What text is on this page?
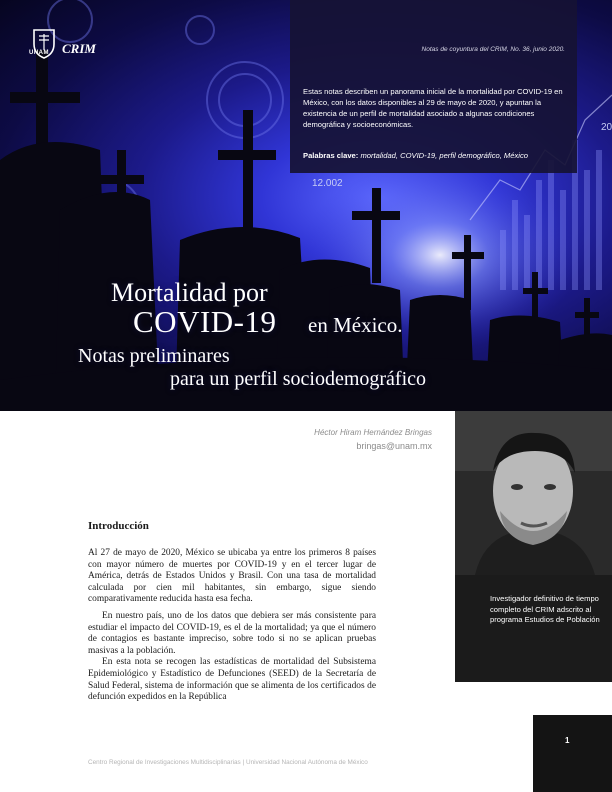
UNAM CRIM	Notas de coyuntura del CRIM, No. 36, junio 2020.
Estas notas describen un panorama inicial de la mortalidad por COVID-19 en México, con los datos disponibles al 29 de mayo de 2020, y apuntan la existencia de un perfil de mortalidad asociado a algunas condiciones demográfica y socioeconómicas.
Palabras clave: mortalidad, COVID-19, perfil demográfico, México
12.002
20
Mortalidad por
COVID-19 en México.
Notas preliminares
para un perfil sociodemográfico
Héctor Hiram Hernández Bringas
bringas@unam.mx
Investigador definitivo de tiempo completo del CRIM adscrito al programa Estudios de Población
Introducción

Al 27 de mayo de 2020, México se ubicaba ya entre los primeros 8 países con mayor número de muertes por COVID-19 y en el tercer lugar de América, detrás de Estados Unidos y Brasil. Con una tasa de mortalidad calculada por cien mil habitantes, sin embargo, sigue siendo comparativamente reducida hasta esa fecha.

En nuestro país, uno de los datos que debiera ser más consistente para estudiar el impacto del COVID-19, es el de la mortalidad; ya que el número de contagios es bastante impreciso, sobre todo si no se aplican pruebas masivas a la población.

En esta nota se recogen las estadísticas de mortalidad del Subsistema Epidemiológico y Estadístico de Defunciones (SEED) de la Secretaría de Salud Federal, sistema de información que se alimenta de los certificados de defunción expedidos en la República

Centro Regional de Investigaciones Multidisciplinarias | Universidad Nacional Autónoma de México
1
